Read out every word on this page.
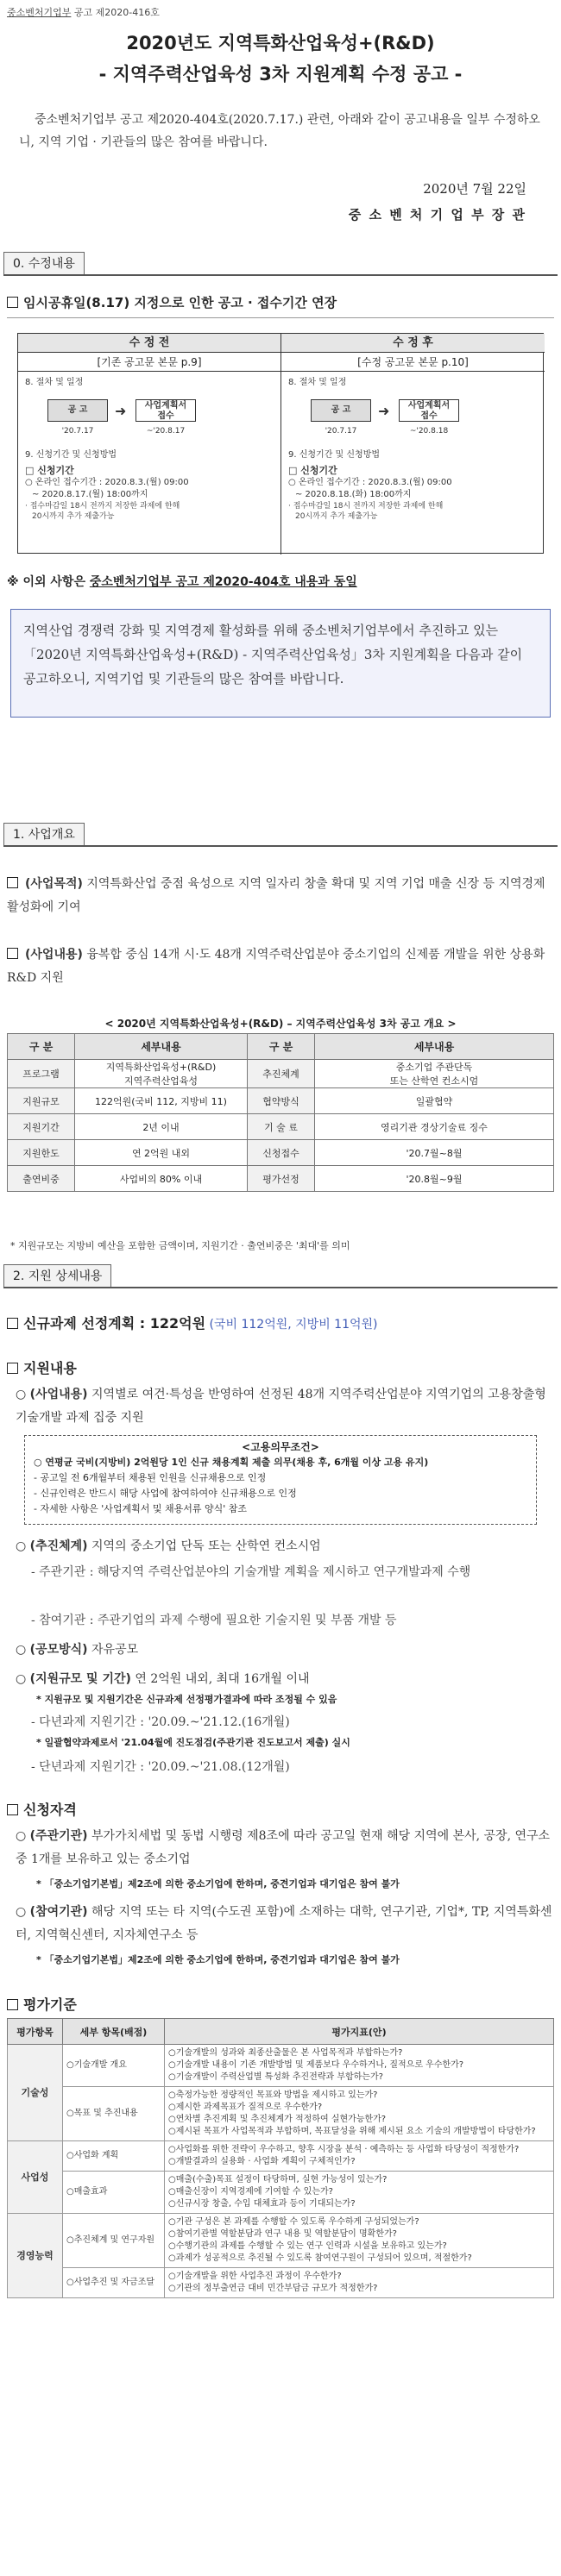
중소벤처기업부 공고 제2020-416호
2020년도 지역특화산업육성+(R&D)
- 지역주력산업육성 3차 지원계획 수정 공고 -
중소벤처기업부 공고 제2020-404호(2020.7.17.) 관련, 아래와 같이 공고내용을 일부 수정하오니, 지역 기업 · 기관들의 많은 참여를 바랍니다.
2020년 7월 22일
중 소 벤 처 기 업 부 장 관
0. 수정내용
임시공휴일(8.17) 지정으로 인한 공고 · 접수기간 연장
수 정 전
[기존 공고문 본문 p.9]
8. 절차 및 일정
공 고	➜	사업계획서
접수
'20.7.17	~'20.8.17
9. 신청기간 및 신청방법
□ 신청기간
○ 온라인 접수기간 : 2020.8.3.(월) 09:00
~ 2020.8.17.(월) 18:00까지
· 접수마감일 18시 전까지 저장한 과제에 한해
20시까지 추가 제출가능
수 정 후
[수정 공고문 본문 p.10]
8. 절차 및 일정
공 고	➜	사업계획서
접수
'20.7.17	~'20.8.18
9. 신청기간 및 신청방법
□ 신청기간
○ 온라인 접수기간 : 2020.8.3.(월) 09:00
~ 2020.8.18.(화) 18:00까지
· 접수마감일 18시 전까지 저장한 과제에 한해
20시까지 추가 제출가능
※ 이외 사항은 중소벤처기업부 공고 제2020-404호 내용과 동일
지역산업 경쟁력 강화 및 지역경제 활성화를 위해 중소벤처기업부에서 추진하고 있는「2020년 지역특화산업육성+(R&D) - 지역주력산업육성」3차 지원계획을 다음과 같이 공고하오니, 지역기업 및 기관들의 많은 참여를 바랍니다.
1. 사업개요
(사업목적) 지역특화산업 중점 육성으로 지역 일자리 창출 확대 및 지역 기업 매출 신장 등 지역경제 활성화에 기여
(사업내용) 융복합 중심 14개 시·도 48개 지역주력산업분야 중소기업의 신제품 개발을 위한 상용화 R&D 지원
< 2020년 지역특화산업육성+(R&D) – 지역주력산업육성 3차 공고 개요 >
구 분	세부내용	구 분	세부내용
프로그램	지역특화산업육성+(R&D)
지역주력산업육성	추진체계	중소기업 주관단독
또는 산학연 컨소시엄
지원규모	122억원(국비 112, 지방비 11)	협약방식	일괄협약
지원기간	2년 이내	기 술 료	영리기관 경상기술료 징수
지원한도	연 2억원 내외	신청접수	'20.7월~8월
출연비중	사업비의 80% 이내	평가선정	'20.8월~9월
* 지원규모는 지방비 예산을 포함한 금액이며, 지원기간 · 출연비중은 '최대'를 의미
2. 지원 상세내용
신규과제 선정계획 : 122억원 (국비 112억원, 지방비 11억원)
지원내용
○ (사업내용) 지역별로 여건·특성을 반영하여 선정된 48개 지역주력산업분야 지역기업의 고용창출형 기술개발 과제 집중 지원
<고용의무조건>
○ 연평균 국비(지방비) 2억원당 1인 신규 채용계획 제출 의무(채용 후, 6개월 이상 고용 유지)
- 공고일 전 6개월부터 채용된 인원을 신규채용으로 인정
- 신규인력은 반드시 해당 사업에 참여하여야 신규채용으로 인정
- 자세한 사항은 '사업계획서 및 채용서류 양식' 참조
○ (추진체계) 지역의 중소기업 단독 또는 산학연 컨소시엄
- 주관기관 : 해당지역 주력산업분야의 기술개발 계획을 제시하고 연구개발과제 수행
- 참여기관 : 주관기업의 과제 수행에 필요한 기술지원 및 부품 개발 등
○ (공모방식) 자유공모
○ (지원규모 및 기간) 연 2억원 내외, 최대 16개월 이내
* 지원규모 및 지원기간은 신규과제 선정평가결과에 따라 조정될 수 있음
- 다년과제 지원기간 : '20.09.~'21.12.(16개월)
* 일괄협약과제로서 '21.04월에 진도점검(주관기관 진도보고서 제출) 실시
- 단년과제 지원기간 : '20.09.~'21.08.(12개월)
신청자격
○ (주관기관) 부가가치세법 및 동법 시행령 제8조에 따라 공고일 현재 해당 지역에 본사, 공장, 연구소 중 1개를 보유하고 있는 중소기업
* 「중소기업기본법」제2조에 의한 중소기업에 한하며, 중견기업과 대기업은 참여 불가
○ (참여기관) 해당 지역 또는 타 지역(수도권 포함)에 소재하는 대학, 연구기관, 기업*, TP, 지역특화센터, 지역혁신센터, 지자체연구소 등
* 「중소기업기본법」제2조에 의한 중소기업에 한하며, 중견기업과 대기업은 참여 불가
평가기준
평가항목	세부 항목(배점)	평가지표(안)
기술성	○기술개발 개요	○기술개발의 성과와 최종산출물은 본 사업목적과 부합하는가?
○기술개발 내용이 기존 개발방법 및 제품보다 우수하거나, 질적으로 우수한가?
○기술개발이 주력산업별 특성화 추진전략과 부합하는가?

	○목표 및 추진내용	○축정가능한 정량적인 목표와 방법을 제시하고 있는가?
○제시한 과제목표가 질적으로 우수한가?
○연차별 추진계획 및 추진체계가 적정하여 실현가능한가?
○제시된 목표가 사업목적과 부합하며, 목표달성을 위해 제시된 요소 기술의 개발방법이 타당한가?

사업성	○사업화 계획	○사업화를 위한 전략이 우수하고, 향후 시장을 분석 · 예측하는 등 사업화 타당성이 적정한가?
○개발결과의 실용화 · 사업화 계획이 구체적인가?

	○매출효과	○매출(수출)목표 설정이 타당하며, 실현 가능성이 있는가?
○매출신장이 지역경제에 기여할 수 있는가?
○신규시장 창출, 수입 대체효과 등이 기대되는가?

경영능력	○추진체계 및 연구자원	○기관 구성은 본 과제를 수행할 수 있도록 우수하게 구성되었는가?
○참여기관별 역할분담과 연구 내용 및 역할분담이 명확한가?
○수행기관의 과제를 수행할 수 있는 연구 인력과 시설을 보유하고 있는가?
○과제가 성공적으로 추진될 수 있도록 참여연구원이 구성되어 있으며, 적절한가?

	○사업추진 및 자금조달	○기술개발을 위한 사업추진 과정이 우수한가?
○기관의 정부출연금 대비 민간부담금 규모가 적정한가?
